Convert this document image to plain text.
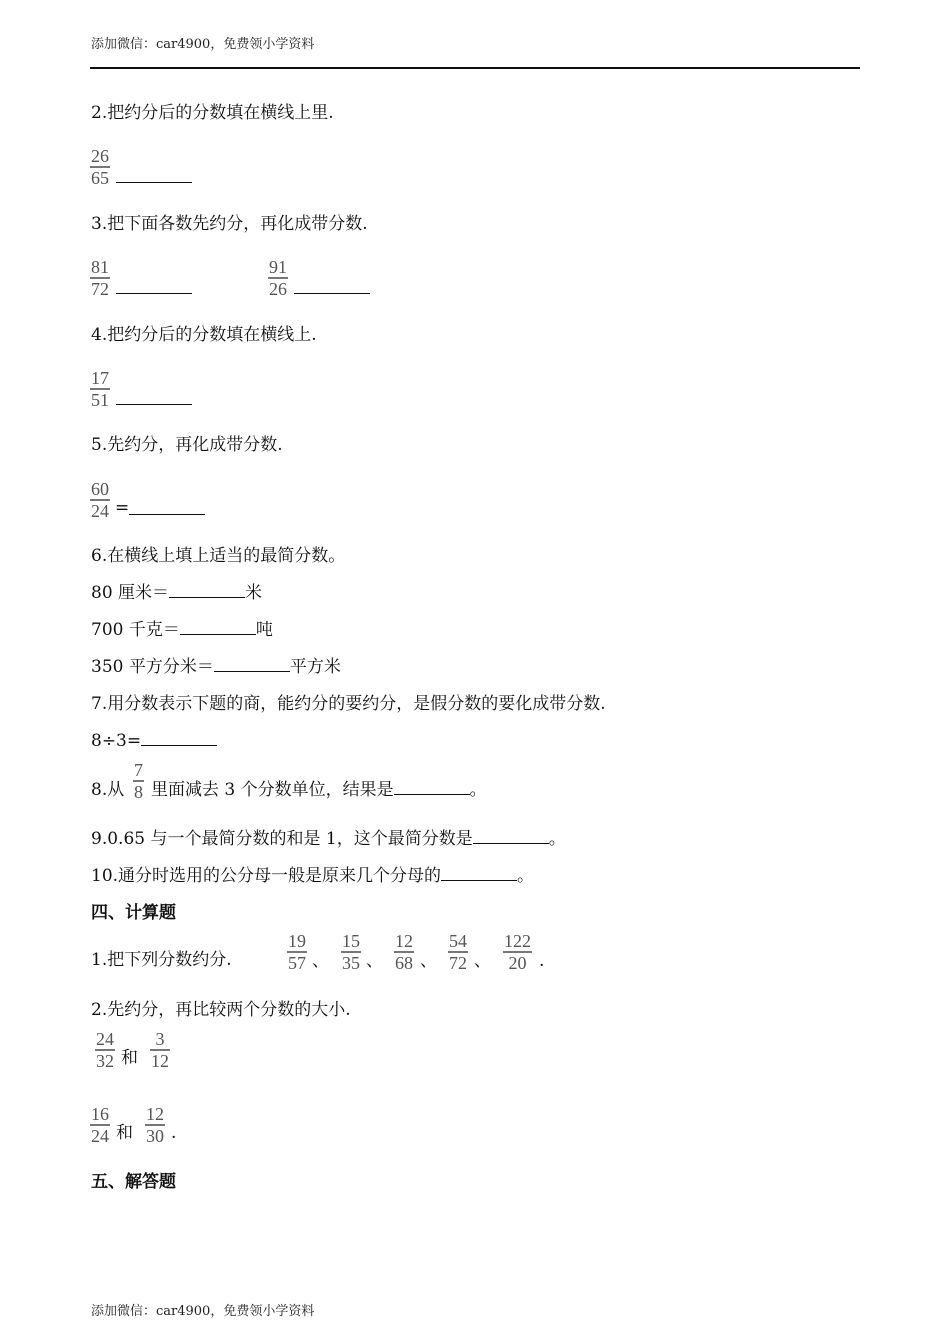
添加微信：car4900，免费领小学资料
2.把约分后的分数填在横线上里.
26
65
3.把下面各数先约分，再化成带分数.
81
72
91
26
4.把约分后的分数填在横线上.
17
51
5.先约分，再化成带分数.
60
24 =
6.在横线上填上适当的最简分数。
80 厘米＝	米
700 千克＝	吨
350 平方分米＝	平方米
7.用分数表示下题的商，能约分的要约分，是假分数的要化成带分数.
8÷3=
8.从
7
8 里面减去 3 个分数单位，结果是	。
9.0.65 与一个最简分数的和是 1，这个最简分数是	。
10.通分时选用的公分母一般是原来几个分母的	。
四、计算题
1.把下列分数约分.
19
57 、
15
35 、
12
68 、
54
72 、
122
20 .
2.先约分，再比较两个分数的大小.
24
32 和
3
12
16
24 和
12
30 .
五、解答题
添加微信：car4900，免费领小学资料
